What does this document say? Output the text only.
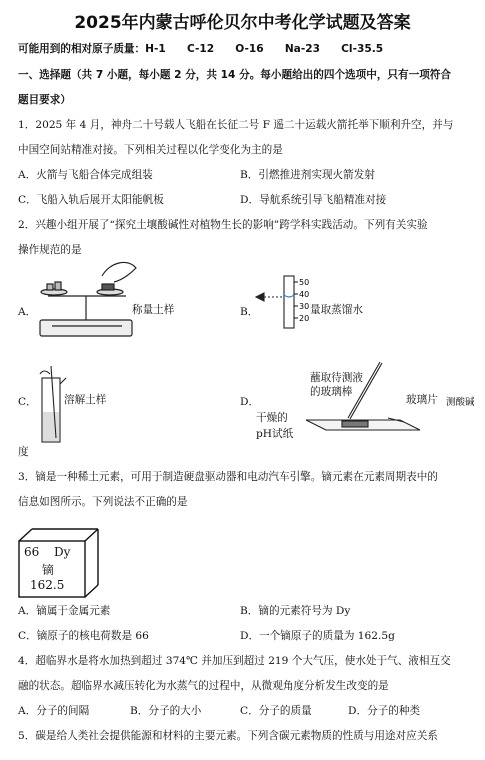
2025年内蒙古呼伦贝尔中考化学试题及答案
可能用到的相对原子质量：H-1　　C-12　　O-16　　Na-23　　Cl-35.5
一、选择题（共 7 小题，每小题 2 分，共 14 分。每小题给出的四个选项中，只有一项符合
题目要求）
1．2025 年 4 月，神舟二十号载人飞船在长征二号 F 遥二十运载火箭托举下顺利升空，并与
中国空间站精准对接。下列相关过程以化学变化为主的是
A．火箭与飞船合体完成组装	B．引燃推进剂实现火箭发射
C．飞船入轨后展开太阳能帆板	D．导航系统引导飞船精准对接
2．兴趣小组开展了“探究土壤酸碱性对植物生长的影响”跨学科实践活动。下列有关实验
操作规范的是
A．	称量土样	B．
50
40
30
20
量取蒸馏水
C．	溶解土样	D．
蘸取待测液
的玻璃棒
玻璃片 测酸碱
干燥的
pH试纸
度
3．镝是一种稀土元素，可用于制造硬盘驱动器和电动汽车引擎。镝元素在元素周期表中的
信息如图所示。下列说法不正确的是
66 Dy
镝
162.5
A．镝属于金属元素	B．镝的元素符号为 Dy
C．镝原子的核电荷数是 66	D．一个镝原子的质量为 162.5g
4．超临界水是将水加热到超过 374℃ 并加压到超过 219 个大气压，使水处于气、液相互交
融的状态。超临界水减压转化为水蒸气的过程中，从微观角度分析发生改变的是
A．分子的间隔	B．分子的大小	C．分子的质量	D．分子的种类
5．碳是给人类社会提供能源和材料的主要元素。下列含碳元素物质的性质与用途对应关系
